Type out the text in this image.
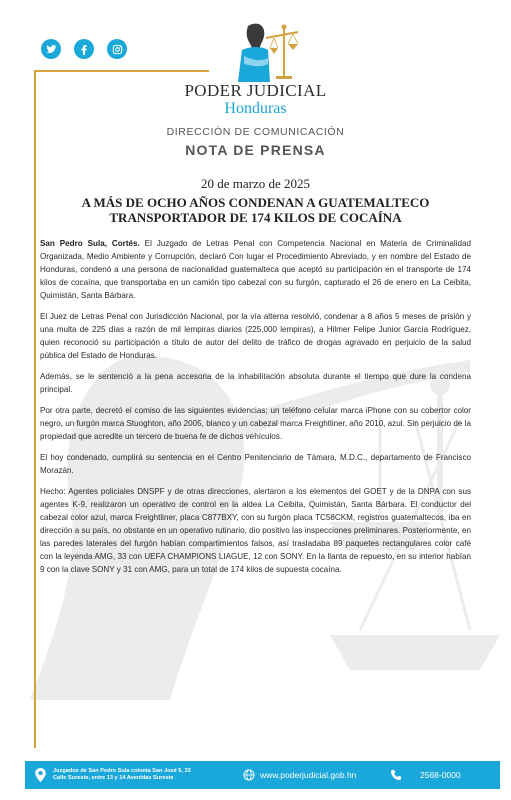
PODER JUDICIAL
Honduras
DIRECCIÓN DE COMUNICACIÓN
NOTA DE PRENSA
20 de marzo de 2025
A MÁS DE OCHO AÑOS CONDENAN A GUATEMALTECO
TRANSPORTADOR DE 174 KILOS DE COCAÍNA

San Pedro Sula, Cortés. El Juzgado de Letras Penal con Competencia Nacional en Materia de Criminalidad Organizada, Medio Ambiente y Corrupción, declaró Con lugar el Procedimiento Abreviado, y en nombre del Estado de Honduras, condenó a una persona de nacionalidad guatemalteca que aceptó su participación en el transporte de 174 kilos de cocaína, que transportaba en un camión tipo cabezal con su furgón, capturado el 26 de enero en La Ceibita, Quimistán, Santa Bárbara.

El Juez de Letras Penal con Jurisdicción Nacional, por la vía alterna resolvió, condenar a 8 años 5 meses de prisión y una multa de 225 días a razón de mil lempiras diarios (225,000 lempiras), a Hilmer Felipe Junior García Rodríguez, quien reconoció su participación a título de autor del delito de tráfico de drogas agravado en perjuicio de la salud pública del Estado de Honduras.

Además, se le sentenció a la pena accesoria de la inhabilitación absoluta durante el tiempo que dure la condena principal.

Por otra parte, decretó el comiso de las siguientes evidencias; un teléfono celular marca iPhone con su cobertor color negro, un furgón marca Stuoghton, año 2005, blanco y un cabezal marca Freightliner, año 2010, azul. Sin perjuicio de la propiedad que acredite un tercero de buena fe de dichos vehículos.

El hoy condenado, cumplirá su sentencia en el Centro Penitenciario de Támara, M.D.C., departamento de Francisco Morazán.

Hecho: Agentes policiales DNSPF y de otras direcciones, alertaron a los elementos del GOET y de la DNPA con sus agentes K-9, realizaron un operativo de control en la aldea La Ceibita, Quimistán, Santa Bárbara. El conductor del cabezal color azul, marca Freightliner, placa C877BXY, con su furgón placa TC58CKM, registros guatemaltecos, iba en dirección a su país, no obstante en un operativo rutinario, dio positivo las inspecciones preliminares. Posteriormente, en las paredes laterales del furgón habían compartimientos falsos, así trasladaba 89 paquetes rectangulares color café con la leyenda AMG, 33 con UEFA CHAMPIONS LIAGUE, 12 con SONY. En la llanta de repuesto, en su interior habían 9 con la clave SONY y 31 con AMG, para un total de 174 kilos de supuesta cocaína.

Juzgados de San Pedro Sula colonia San José 5, 33
Calle Sureste, entre 13 y 14 Avenidas Sureste	www.poderjudicial.gob.hn	2568-0000
